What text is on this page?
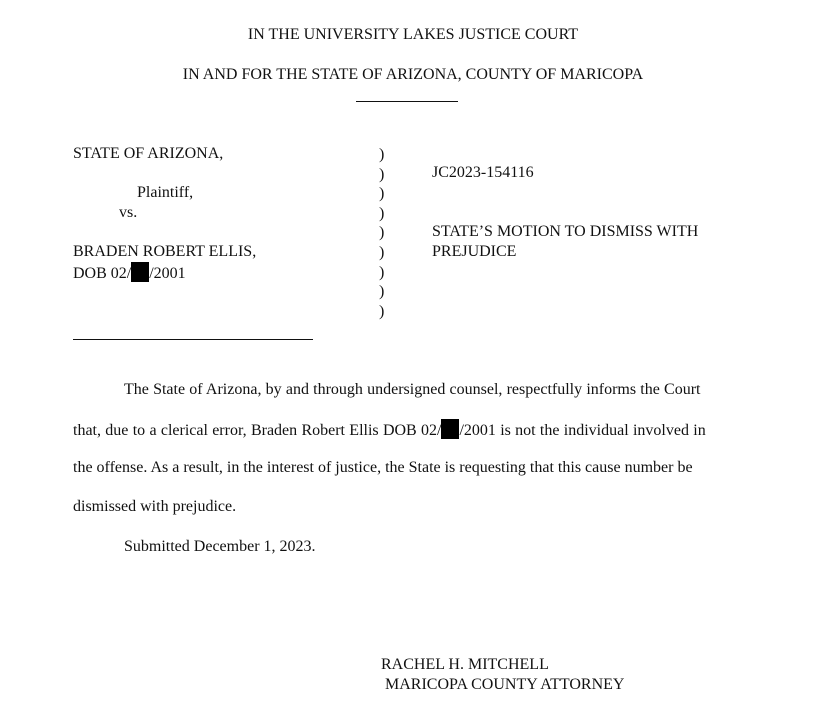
IN THE UNIVERSITY LAKES JUSTICE COURT
IN AND FOR THE STATE OF ARIZONA, COUNTY OF MARICOPA
STATE OF ARIZONA,
Plaintiff,
vs.
BRADEN ROBERT ELLIS,
DOB 02/ /2001
)
)
)
)
)
)
)
)
)
JC2023-154116
STATE’S MOTION TO DISMISS WITH
PREJUDICE
The State of Arizona, by and through undersigned counsel, respectfully informs the Court
that, due to a clerical error, Braden Robert Ellis DOB 02/ /2001 is not the individual involved in
the offense. As a result, in the interest of justice, the State is requesting that this cause number be
dismissed with prejudice.
Submitted December 1, 2023.
RACHEL H. MITCHELL
MARICOPA COUNTY ATTORNEY
